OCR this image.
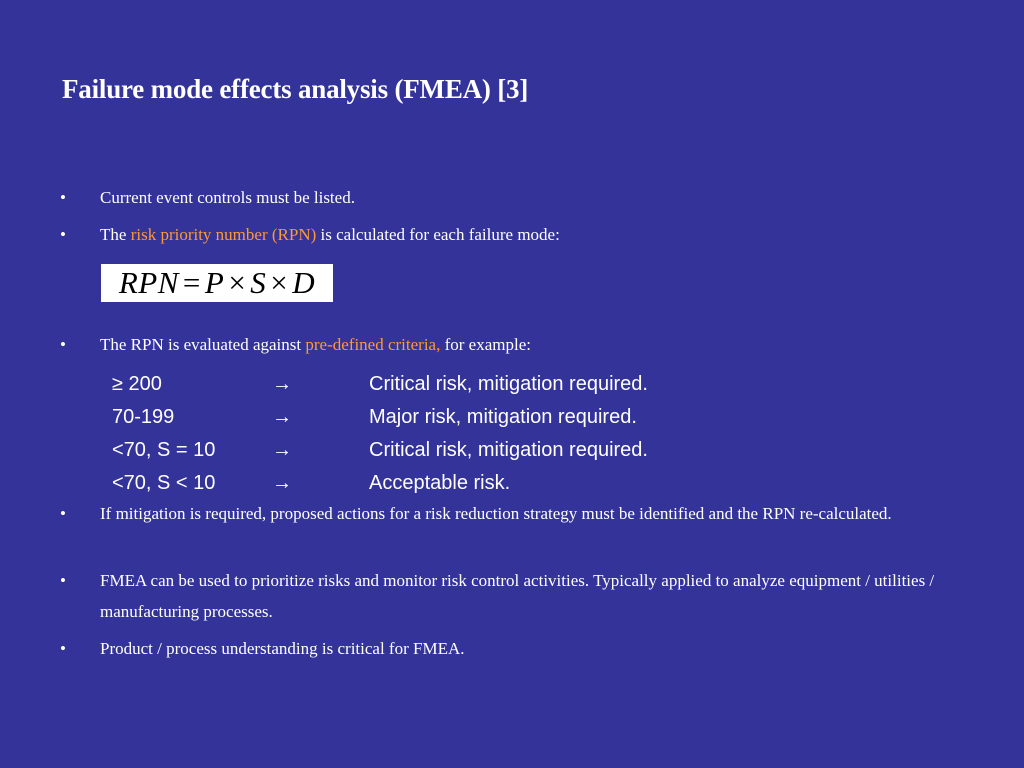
Failure mode effects analysis (FMEA) [3]
•	Current event controls must be listed.
•	The risk priority number (RPN) is calculated for each failure mode:
RPN = P × S × D
•	The RPN is evaluated against pre-defined criteria, for example:
≥ 200	→	Critical risk, mitigation required.
70-199	→	Major risk, mitigation required.
<70, S = 10	→	Critical risk, mitigation required.
<70, S < 10	→	Acceptable risk.
•	If mitigation is required, proposed actions for a risk reduction strategy must be identified and the RPN re-calculated.
•	FMEA can be used to prioritize risks and monitor risk control activities. Typically applied to analyze equipment / utilities / manufacturing processes.
•	Product / process understanding is critical for FMEA.
